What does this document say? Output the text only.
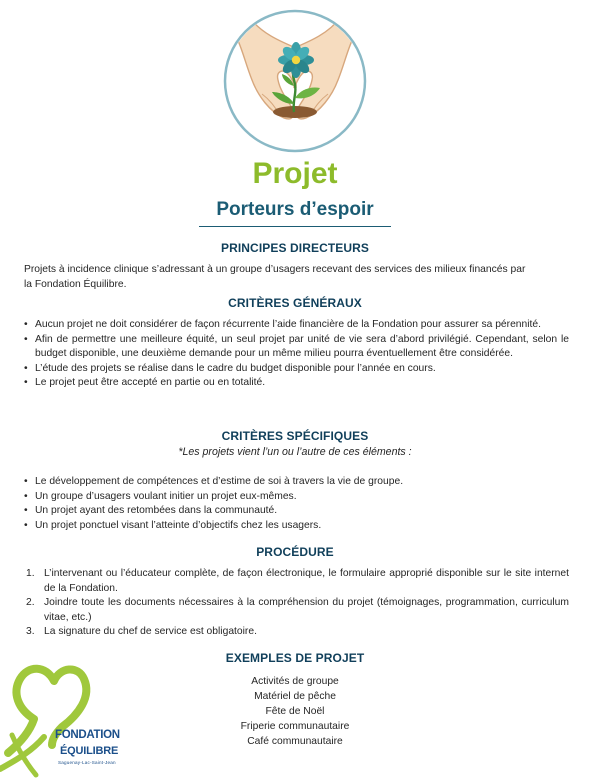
Projet
Porteurs d’espoir
PRINCIPES DIRECTEURS

Projets à incidence clinique s’adressant à un groupe d’usagers recevant des services des milieux financés par
la Fondation Équilibre.

CRITÈRES GÉNÉRAUX
• Aucun projet ne doit considérer de façon récurrente l’aide financière de la Fondation pour assurer sa pérennité.
• Afin de permettre une meilleure équité, un seul projet par unité de vie sera d’abord privilégié. Cependant, selon le budget disponible, une deuxième demande pour un même milieu pourra éventuellement être considérée.
• L’étude des projets se réalise dans le cadre du budget disponible pour l’année en cours.
• Le projet peut être accepté en partie ou en totalité.
CRITÈRES SPÉCIFIQUES

*Les projets vient l’un ou l’autre de ces éléments :

• Le développement de compétences et d’estime de soi à travers la vie de groupe.
• Un groupe d’usagers voulant initier un projet eux-mêmes.
• Un projet ayant des retombées dans la communauté.
• Un projet ponctuel visant l’atteinte d’objectifs chez les usagers.
PROCÉDURE
1. L’intervenant ou l’éducateur complète, de façon électronique, le formulaire approprié disponible sur le site internet de la Fondation.
2. Joindre toute les documents nécessaires à la compréhension du projet (témoignages, programmation, curriculum vitae, etc.)
3. La signature du chef de service est obligatoire.
EXEMPLES DE PROJET
Activités de groupe
Matériel de pêche
Fête de Noël
Friperie communautaire
Café communautaire

FONDATION

ÉQUILIBRE

Saguenay-Lac-Saint-Jean
